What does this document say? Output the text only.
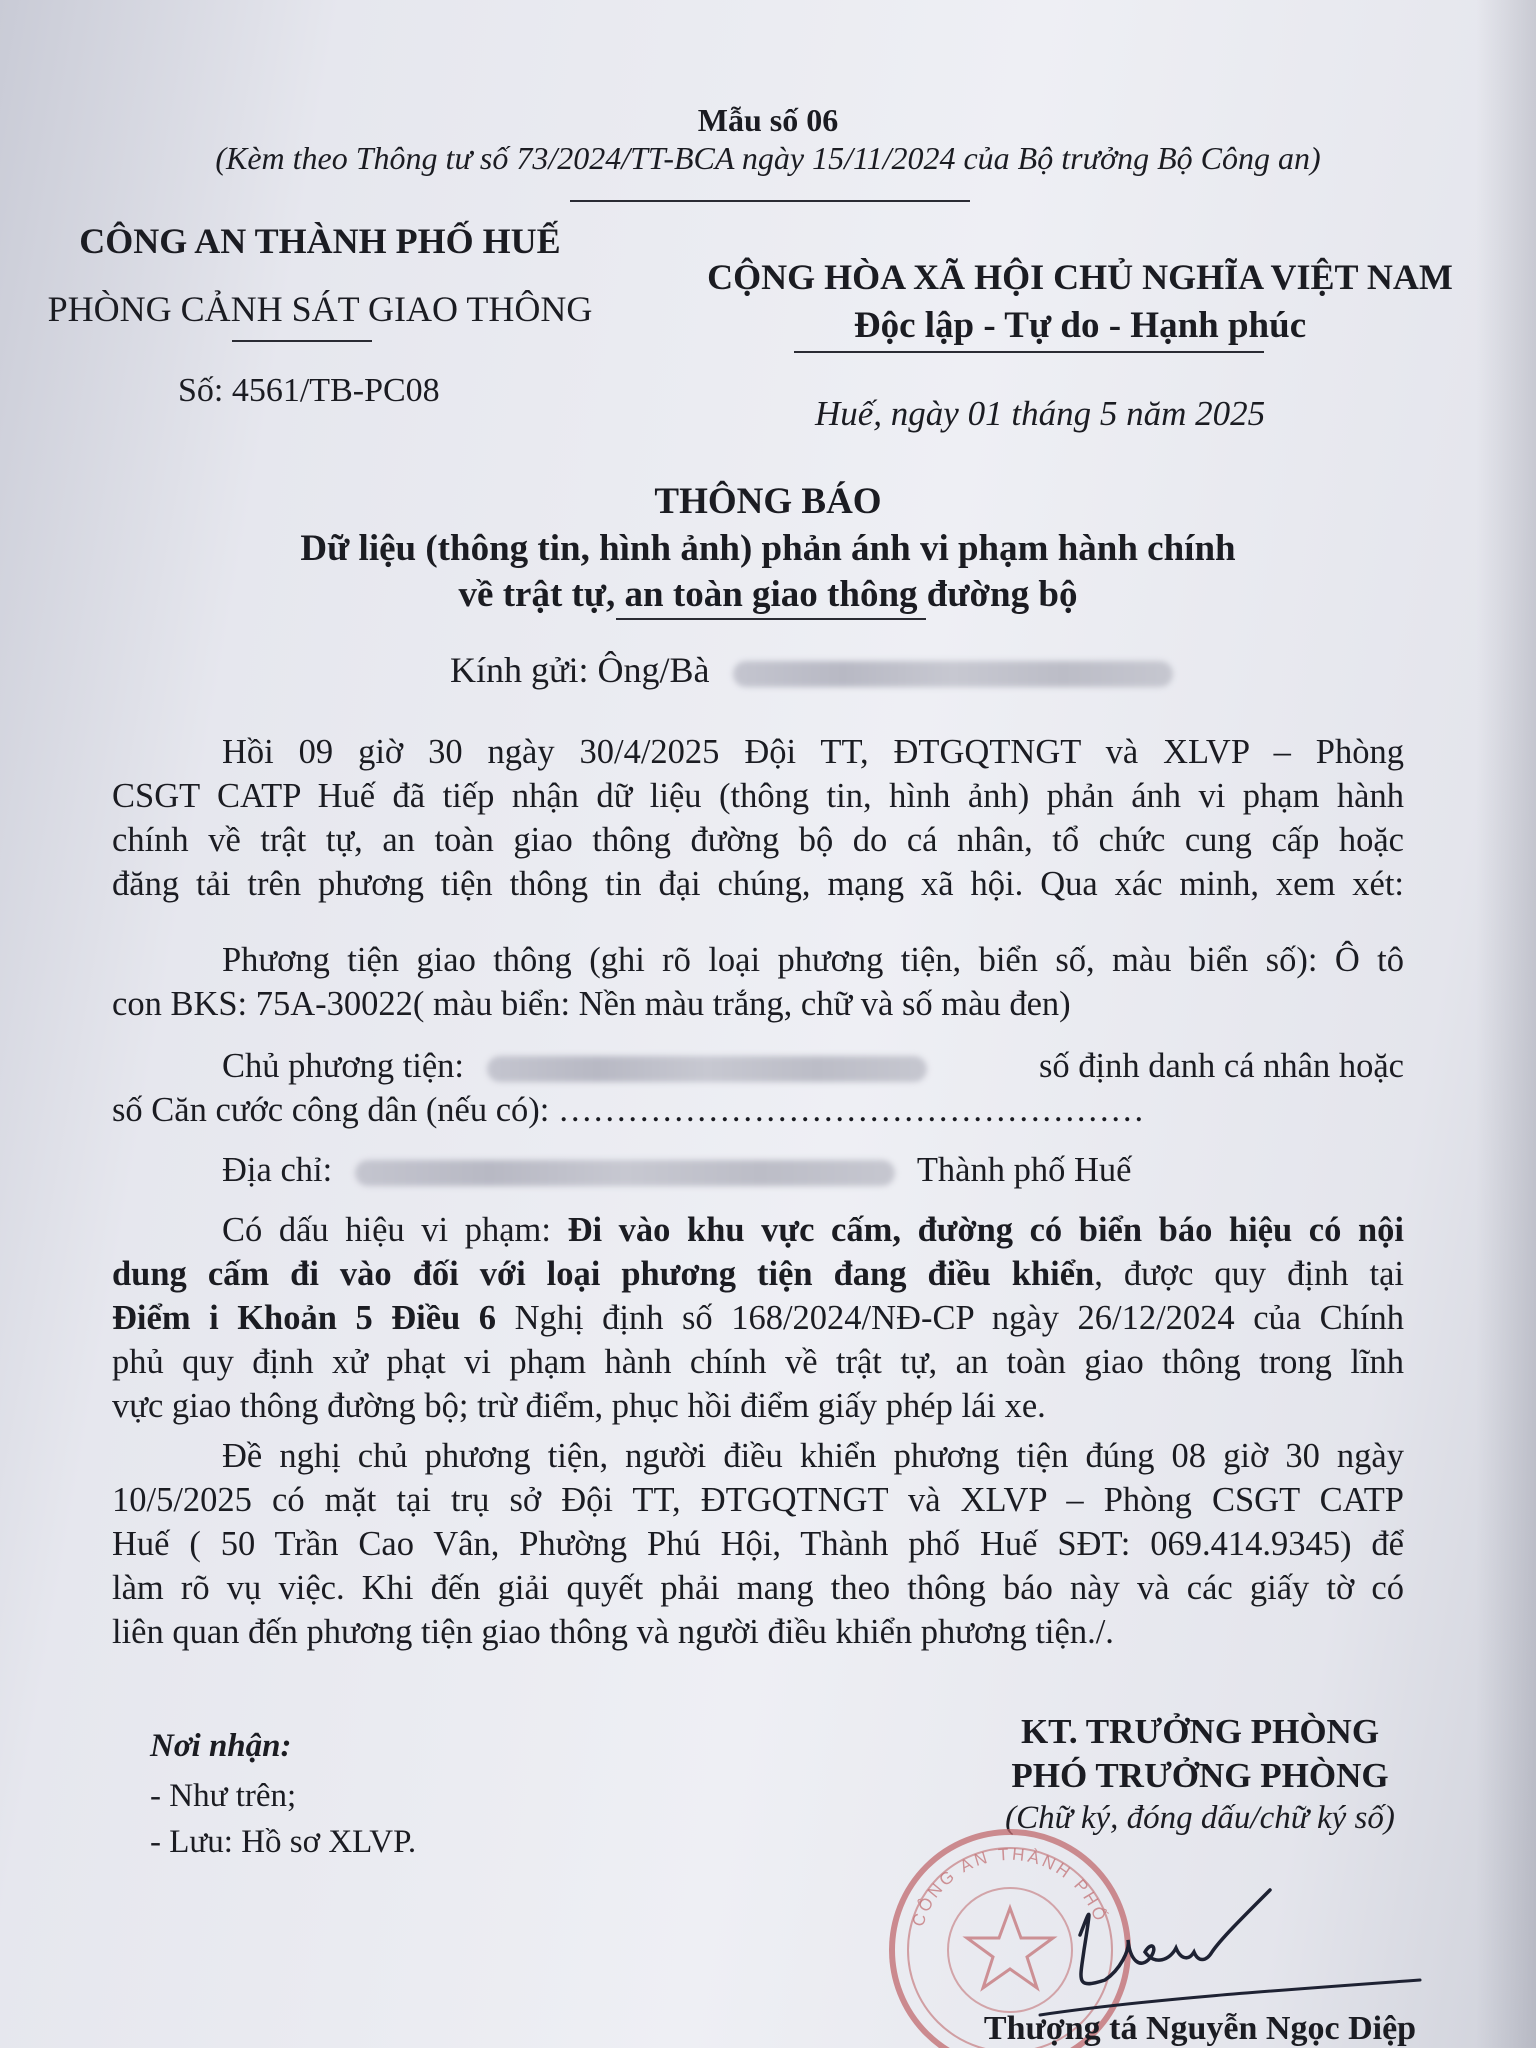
Mẫu số 06
(Kèm theo Thông tư số 73/2024/TT-BCA ngày 15/11/2024 của Bộ trưởng Bộ Công an)
CÔNG AN THÀNH PHỐ HUẾ
PHÒNG CẢNH SÁT GIAO THÔNG
Số: 4561/TB-PC08
CỘNG HÒA XÃ HỘI CHỦ NGHĨA VIỆT NAM
Độc lập - Tự do - Hạnh phúc
Huế, ngày 01 tháng 5 năm 2025
THÔNG BÁO
Dữ liệu (thông tin, hình ảnh) phản ánh vi phạm hành chính
về trật tự, an toàn giao thông đường bộ
Kính gửi: Ông/Bà
Hồi 09 giờ 30 ngày 30/4/2025 Đội TT, ĐTGQTNGT và XLVP – Phòng
CSGT CATP Huế đã tiếp nhận dữ liệu (thông tin, hình ảnh) phản ánh vi phạm hành
chính về trật tự, an toàn giao thông đường bộ do cá nhân, tổ chức cung cấp hoặc
đăng tải trên phương tiện thông tin đại chúng, mạng xã hội. Qua xác minh, xem xét:
Phương tiện giao thông (ghi rõ loại phương tiện, biển số, màu biển số): Ô tô
con BKS: 75A-30022( màu biển: Nền màu trắng, chữ và số màu đen)
Chủ phương tiện:	số định danh cá nhân hoặc
số Căn cước công dân (nếu có): ……………………………………………
Địa chỉ:	Thành phố Huế
Có dấu hiệu vi phạm: Đi vào khu vực cấm, đường có biển báo hiệu có nội
dung cấm đi vào đối với loại phương tiện đang điều khiển, được quy định tại
Điểm i Khoản 5 Điều 6 Nghị định số 168/2024/NĐ-CP ngày 26/12/2024 của Chính
phủ quy định xử phạt vi phạm hành chính về trật tự, an toàn giao thông trong lĩnh
vực giao thông đường bộ; trừ điểm, phục hồi điểm giấy phép lái xe.
Đề nghị chủ phương tiện, người điều khiển phương tiện đúng 08 giờ 30 ngày
10/5/2025 có mặt tại trụ sở Đội TT, ĐTGQTNGT và XLVP – Phòng CSGT CATP
Huế ( 50 Trần Cao Vân, Phường Phú Hội, Thành phố Huế SĐT: 069.414.9345) để
làm rõ vụ việc. Khi đến giải quyết phải mang theo thông báo này và các giấy tờ có
liên quan đến phương tiện giao thông và người điều khiển phương tiện./.
Nơi nhận:
- Như trên;
- Lưu: Hồ sơ XLVP.
KT. TRƯỞNG PHÒNG
PHÓ TRƯỞNG PHÒNG
(Chữ ký, đóng dấu/chữ ký số)
CÔNG AN THÀNH PHỐ
Thượng tá Nguyễn Ngọc Diệp
